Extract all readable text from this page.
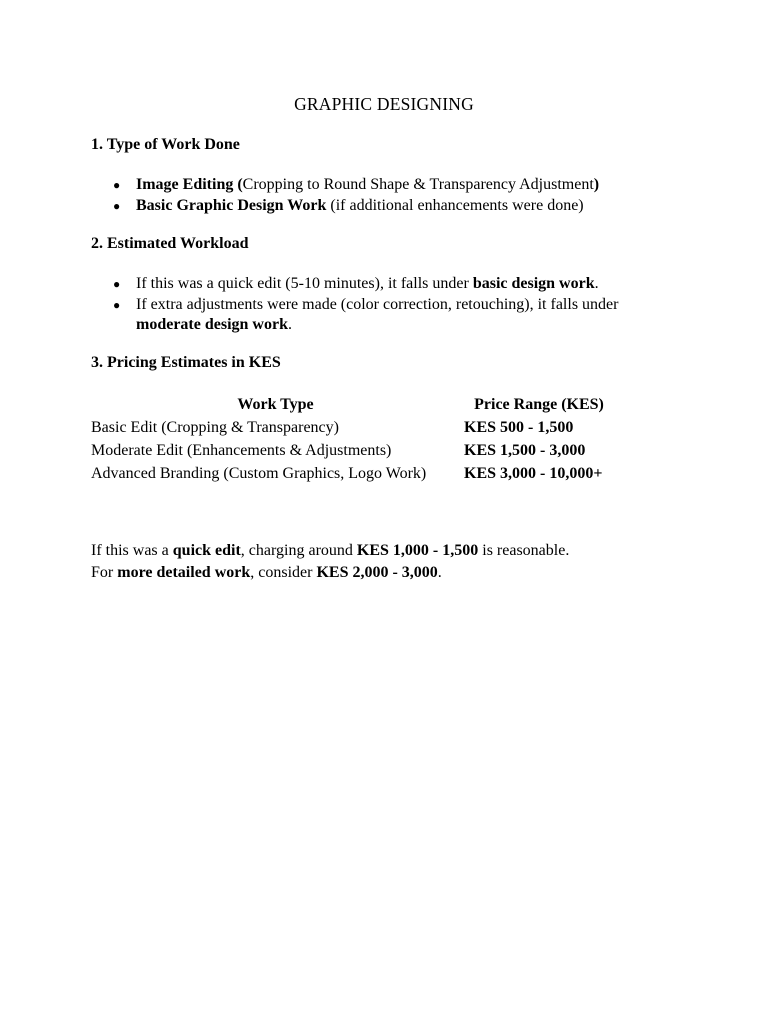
GRAPHIC DESIGNING
1. Type of Work Done
● Image Editing (Cropping to Round Shape & Transparency Adjustment)
● Basic Graphic Design Work (if additional enhancements were done)
2. Estimated Workload
● If this was a quick edit (5-10 minutes), it falls under basic design work.
● If extra adjustments were made (color correction, retouching), it falls under moderate design work.
3. Pricing Estimates in KES
Work Type	Price Range (KES)
Basic Edit (Cropping & Transparency)	KES 500 - 1,500
Moderate Edit (Enhancements & Adjustments)	KES 1,500 - 3,000
Advanced Branding (Custom Graphics, Logo Work)	KES 3,000 - 10,000+

If this was a quick edit, charging around KES 1,000 - 1,500 is reasonable.

For more detailed work, consider KES 2,000 - 3,000.
